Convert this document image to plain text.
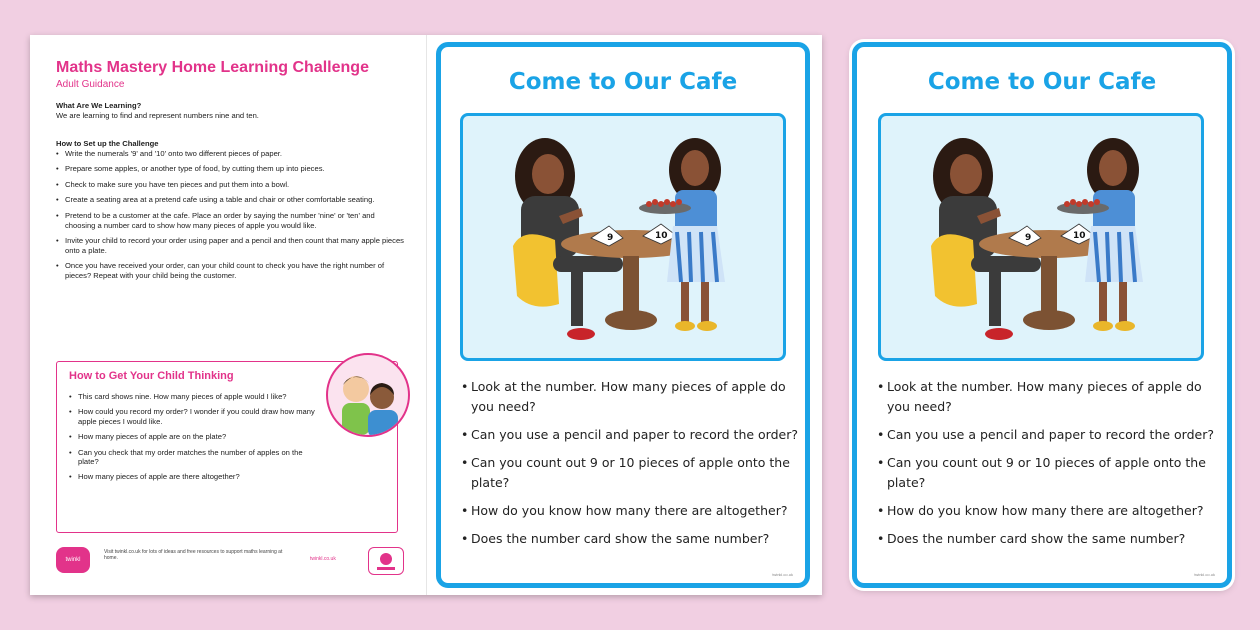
Maths Mastery Home Learning Challenge
Adult Guidance
What Are We Learning?
We are learning to find and represent numbers nine and ten.
How to Set up the Challenge
• Write the numerals '9' and '10' onto two different pieces of paper.
• Prepare some apples, or another type of food, by cutting them up into pieces.
• Check to make sure you have ten pieces and put them into a bowl.
• Create a seating area at a pretend cafe using a table and chair or other comfortable seating.
• Pretend to be a customer at the cafe. Place an order by saying the number 'nine' or 'ten' and choosing a number card to show how many pieces of apple you would like.
• Invite your child to record your order using paper and a pencil and then count that many apple pieces onto a plate.
• Once you have received your order, can your child count to check you have the right number of pieces? Repeat with your child being the customer.
How to Get Your Child Thinking
• This card shows nine. How many pieces of apple would I like?
• How could you record my order? I wonder if you could draw how many apple pieces I would like.
• How many pieces of apple are on the plate?
• Can you check that my order matches the number of apples on the plate?
• How many pieces of apple are there altogether?
twinkl
Visit twinkl.co.uk for lots of ideas and free resources to support maths learning at home.	twinkl.co.uk
Come to Our Cafe
9	10
• Look at the number. How many pieces of apple do you need?
• Can you use a pencil and paper to record the order?
• Can you count out 9 or 10 pieces of apple onto the plate?
• How do you know how many there are altogether?
• Does the number card show the same number?
twinkl.co.uk
Come to Our Cafe
9	10
• Look at the number. How many pieces of apple do you need?
• Can you use a pencil and paper to record the order?
• Can you count out 9 or 10 pieces of apple onto the plate?
• How do you know how many there are altogether?
• Does the number card show the same number?
twinkl.co.uk
